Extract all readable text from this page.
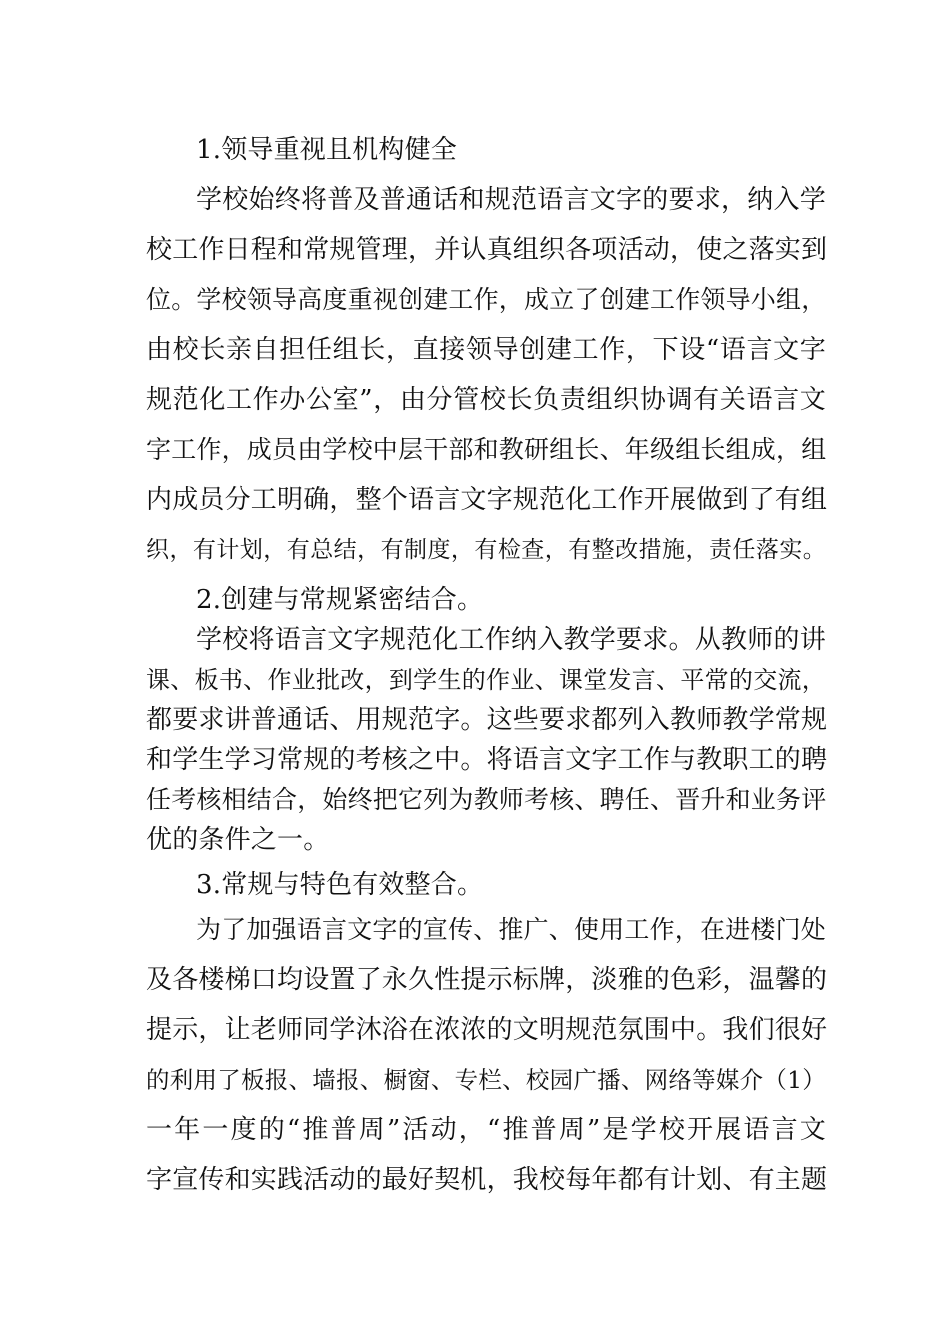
1.领导重视且机构健全
学校始终将普及普通话和规范语言文字的要求，纳入学
校工作日程和常规管理，并认真组织各项活动，使之落实到
位。学校领导高度重视创建工作，成立了创建工作领导小组，
由校长亲自担任组长，直接领导创建工作，下设“语言文字
规范化工作办公室”，由分管校长负责组织协调有关语言文
字工作，成员由学校中层干部和教研组长、年级组长组成，组
内成员分工明确，整个语言文字规范化工作开展做到了有组
织，有计划，有总结，有制度，有检查，有整改措施，责任落实。
2.创建与常规紧密结合。
学校将语言文字规范化工作纳入教学要求。从教师的讲
课、板书、作业批改，到学生的作业、课堂发言、平常的交流，
都要求讲普通话、用规范字。这些要求都列入教师教学常规
和学生学习常规的考核之中。将语言文字工作与教职工的聘
任考核相结合，始终把它列为教师考核、聘任、晋升和业务评
优的条件之一。
3.常规与特色有效整合。
为了加强语言文字的宣传、推广、使用工作，在进楼门处
及各楼梯口均设置了永久性提示标牌，淡雅的色彩，温馨的
提示，让老师同学沐浴在浓浓的文明规范氛围中。我们很好
的利用了板报、墙报、橱窗、专栏、校园广播、网络等媒介（1）
一年一度的“推普周”活动，“推普周”是学校开展语言文
字宣传和实践活动的最好契机，我校每年都有计划、有主题
